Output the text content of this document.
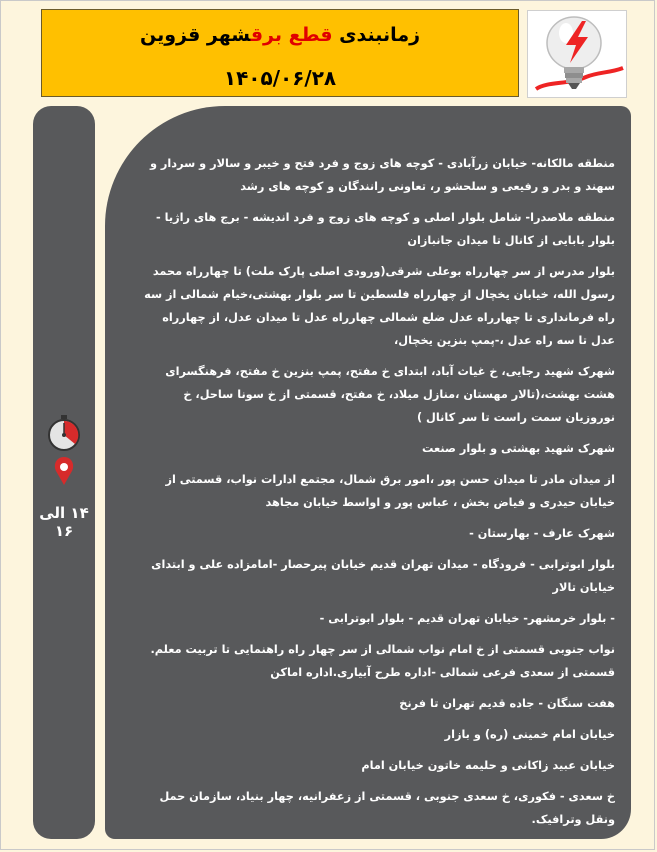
زمانبندی قطع برقشهر قزوین
۱۴۰۵/۰۶/۲۸
۱۴ الی ۱۶
منطقه مالکانه- خیابان زرآبادی - کوچه های زوج و فرد فتح و خیبر و سالار و سردار و سهند و بدر و رفیعی و سلحشو ر، تعاونی رانندگان و کوچه های رشد
منطقه ملاصدرا- شامل بلوار اصلی و کوچه های زوج و فرد اندیشه - برج های راژیا - بلوار بابایی از کانال تا میدان جانبازان
بلوار مدرس از سر چهارراه بوعلی شرقی(ورودی اصلی پارک ملت) تا چهارراه محمد رسول الله، خیابان یخچال از چهارراه فلسطین تا سر بلوار بهشتی،خیام شمالی از سه راه فرمانداری تا چهارراه عدل ضلع شمالی چهارراه عدل تا میدان عدل، از چهارراه عدل تا سه راه عدل ،-پمپ بنزین یخچال،
شهرک شهید رجایی، خ غیاث آباد، ابتدای خ مفتح، پمپ بنزین خ مفتح، فرهنگسرای هشت بهشت،(تالار مهستان ،منازل میلاد، خ مفتح، قسمتی از خ سونا ساحل، خ نوروزیان سمت راست تا سر کانال )
شهرک شهید بهشتی و بلوار صنعت
از میدان مادر تا میدان حسن پور ،امور برق شمال، مجتمع ادارات نواب، قسمتی از خیابان حیدری و فیاض بخش ، عباس پور و اواسط خیابان مجاهد
شهرک عارف - بهارستان -
بلوار ابوترابی - فرودگاه - میدان تهران قدیم خیابان پیرحصار -امامزاده علی و ابتدای خیابان تالار
- بلوار خرمشهر- خیابان تهران قدیم - بلوار ابوترابی -
نواب جنوبی قسمتی از خ امام نواب شمالی از سر چهار راه راهنمایی تا تربیت معلم. قسمتی از سعدی فرعی شمالی -اداره طرح آبیاری.اداره اماکن
هفت سنگان - جاده قدیم تهران تا فرنخ
خیابان امام خمینی (ره) و بازار
خیابان عبید زاکانی و حلیمه خاتون خیابان امام
خ سعدی - فکوری، خ سعدی جنوبی ، قسمتی از زعفرانیه، چهار بنیاد، سازمان حمل ونقل وترافیک.
